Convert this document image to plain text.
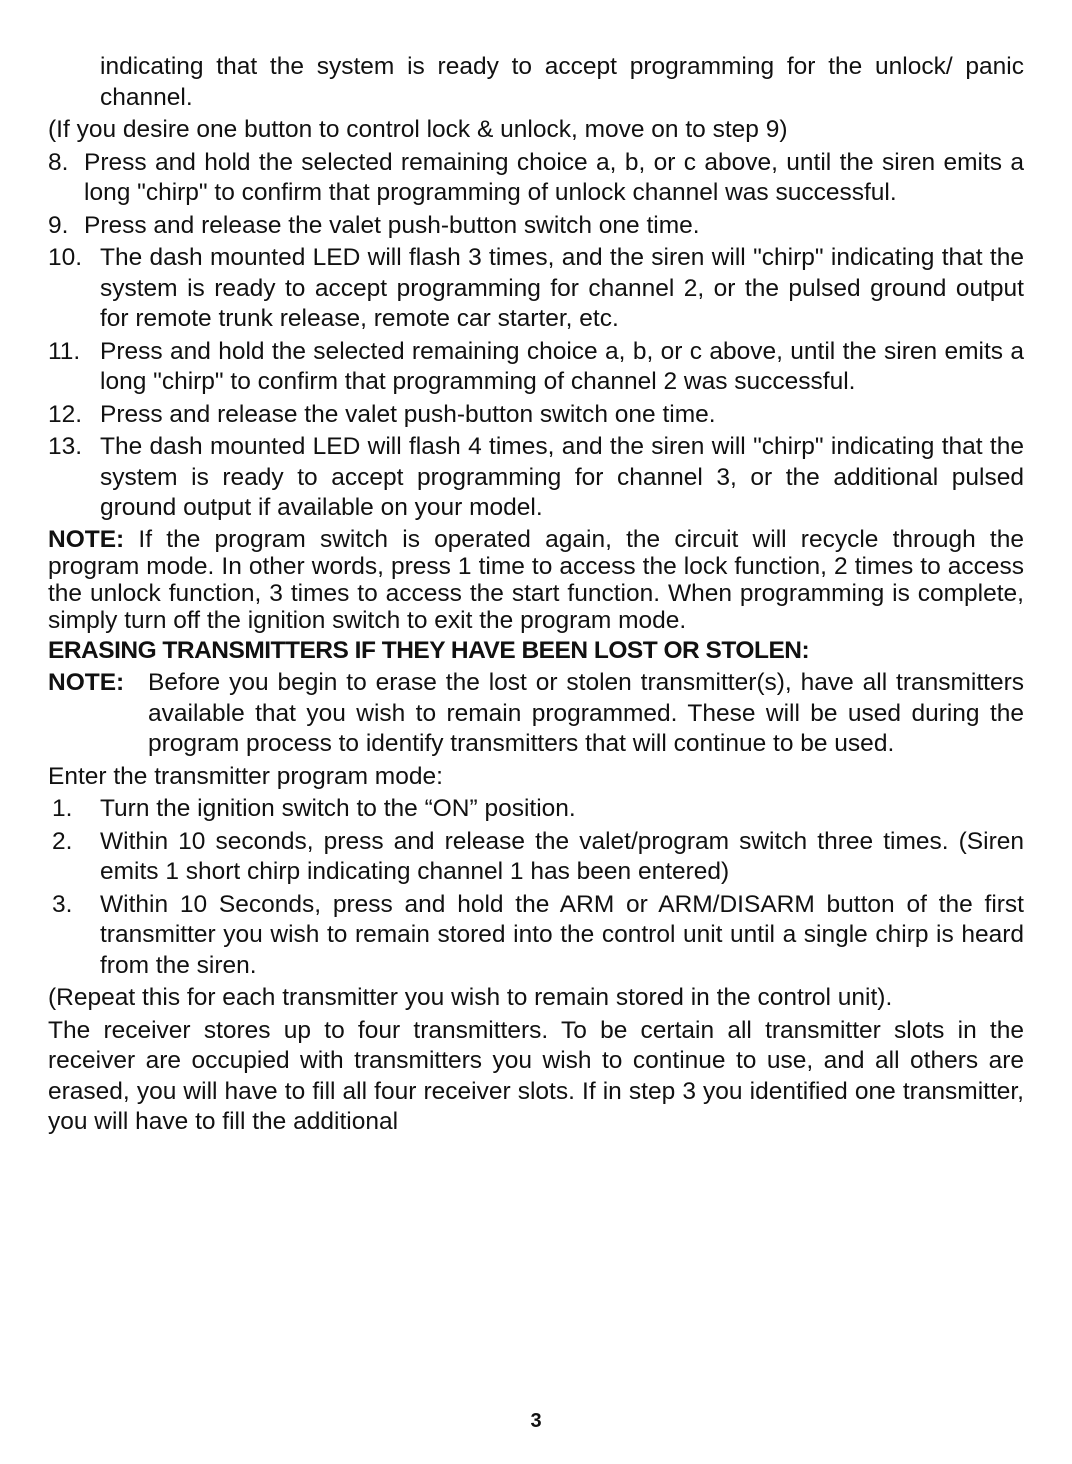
indicating that the system is ready to accept programming for the unlock/ panic channel.

(If you desire one button to control lock & unlock, move on to step 9)

8. Press and hold the selected remaining choice a, b, or c above, until the siren emits a long "chirp" to confirm that programming of unlock channel was successful.
9. Press and release the valet push-button switch one time.
10. The dash mounted LED will flash 3 times, and the siren will "chirp" indicating that the system is ready to accept programming for channel 2, or the pulsed ground output for remote trunk release, remote car starter, etc.
11. Press and hold the selected remaining choice a, b, or c above, until the siren emits a long "chirp" to confirm that programming of channel 2 was successful.
12. Press and release the valet push-button switch one time.
13. The dash mounted LED will flash 4 times, and the siren will "chirp" indicating that the system is ready to accept programming for channel 3, or the additional pulsed ground output if available on your model.

NOTE: If the program switch is operated again, the circuit will recycle through the program mode. In other words, press 1 time to access the lock function, 2 times to access the unlock function, 3 times to access the start function. When programming is complete, simply turn off the ignition switch to exit the program mode.

ERASING TRANSMITTERS IF THEY HAVE BEEN LOST OR STOLEN:
NOTE: Before you begin to erase the lost or stolen transmitter(s), have all transmitters available that you wish to remain programmed. These will be used during the program process to identify transmitters that will continue to be used.

Enter the transmitter program mode:

1.	Turn the ignition switch to the “ON” position.
2.	Within 10 seconds, press and release the valet/program switch three times. (Siren emits 1 short chirp indicating channel 1 has been entered)
3.	Within 10 Seconds, press and hold the ARM or ARM/DISARM button of the first transmitter you wish to remain stored into the control unit until a single chirp is heard from the siren.

(Repeat this for each transmitter you wish to remain stored in the control unit).

The receiver stores up to four transmitters. To be certain all transmitter slots in the receiver are occupied with transmitters you wish to continue to use, and all others are erased, you will have to fill all four receiver slots. If in step 3 you identified one transmitter, you will have to fill the additional

3
